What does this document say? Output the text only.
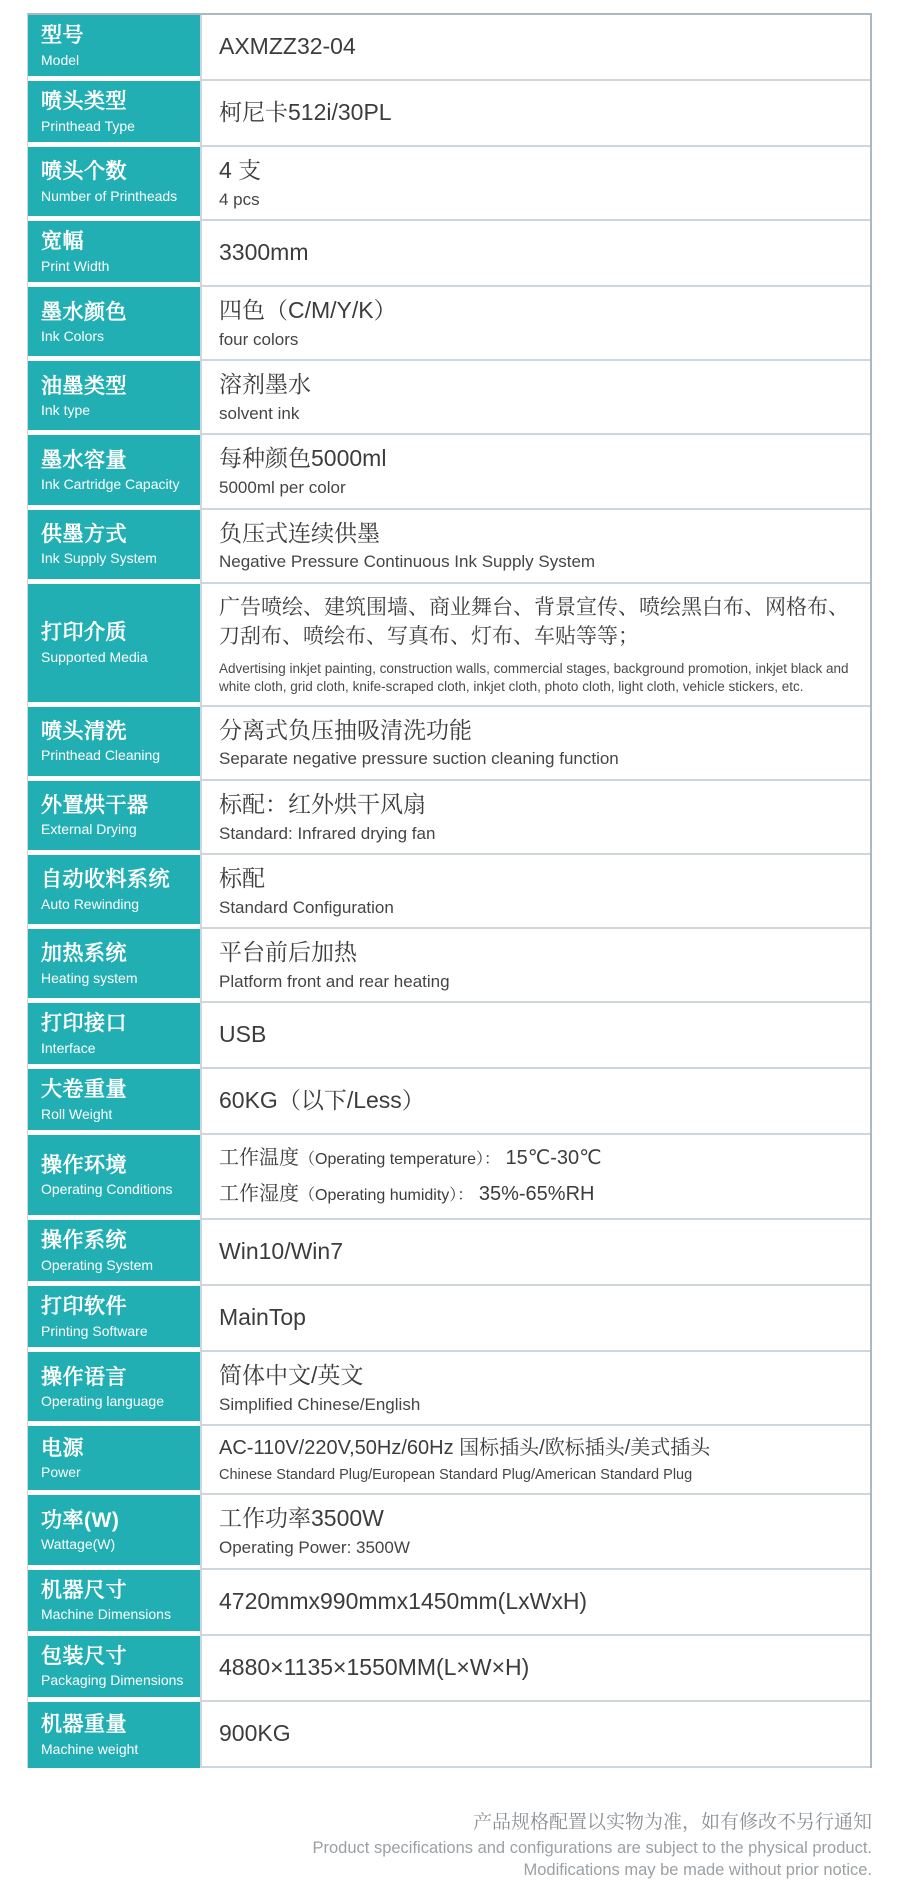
型号
Model
AXMZZ32-04
喷头类型
Printhead Type
柯尼卡512i/30PL
喷头个数
Number of Printheads
4 支
4 pcs
宽幅
Print Width
3300mm
墨水颜色
Ink Colors
四色（C/M/Y/K）
four colors
油墨类型
Ink type
溶剂墨水
solvent ink
墨水容量
Ink Cartridge Capacity
每种颜色5000ml
5000ml per color
供墨方式
Ink Supply System
负压式连续供墨
Negative Pressure Continuous Ink Supply System
打印介质
Supported Media
广告喷绘、建筑围墙、商业舞台、背景宣传、喷绘黑白布、网格布、刀刮布、喷绘布、写真布、灯布、车贴等等；
Advertising inkjet painting, construction walls, commercial stages, background promotion, inkjet black and white cloth, grid cloth, knife-scraped cloth, inkjet cloth, photo cloth, light cloth, vehicle stickers, etc.
喷头清洗
Printhead Cleaning
分离式负压抽吸清洗功能
Separate negative pressure suction cleaning function
外置烘干器
External Drying
标配：红外烘干风扇
Standard: Infrared drying fan
自动收料系统
Auto Rewinding
标配
Standard Configuration
加热系统
Heating system
平台前后加热
Platform front and rear heating
打印接口
Interface
USB
大卷重量
Roll Weight
60KG（以下/Less）
操作环境
Operating Conditions
工作温度（Operating temperature）： 15℃-30℃
工作湿度（Operating humidity）： 35%-65%RH
操作系统
Operating System
Win10/Win7
打印软件
Printing Software
MainTop
操作语言
Operating language
简体中文/英文
Simplified Chinese/English
电源
Power
AC-110V/220V,50Hz/60Hz 国标插头/欧标插头/美式插头
Chinese Standard Plug/European Standard Plug/American Standard Plug
功率(W)
Wattage(W)
工作功率3500W
Operating Power: 3500W
机器尺寸
Machine Dimensions
4720mmx990mmx1450mm(LxWxH)
包装尺寸
Packaging Dimensions
4880×1135×1550MM(L×W×H)
机器重量
Machine weight
900KG
产品规格配置以实物为准，如有修改不另行通知
Product specifications and configurations are subject to the physical product.
Modifications may be made without prior notice.
